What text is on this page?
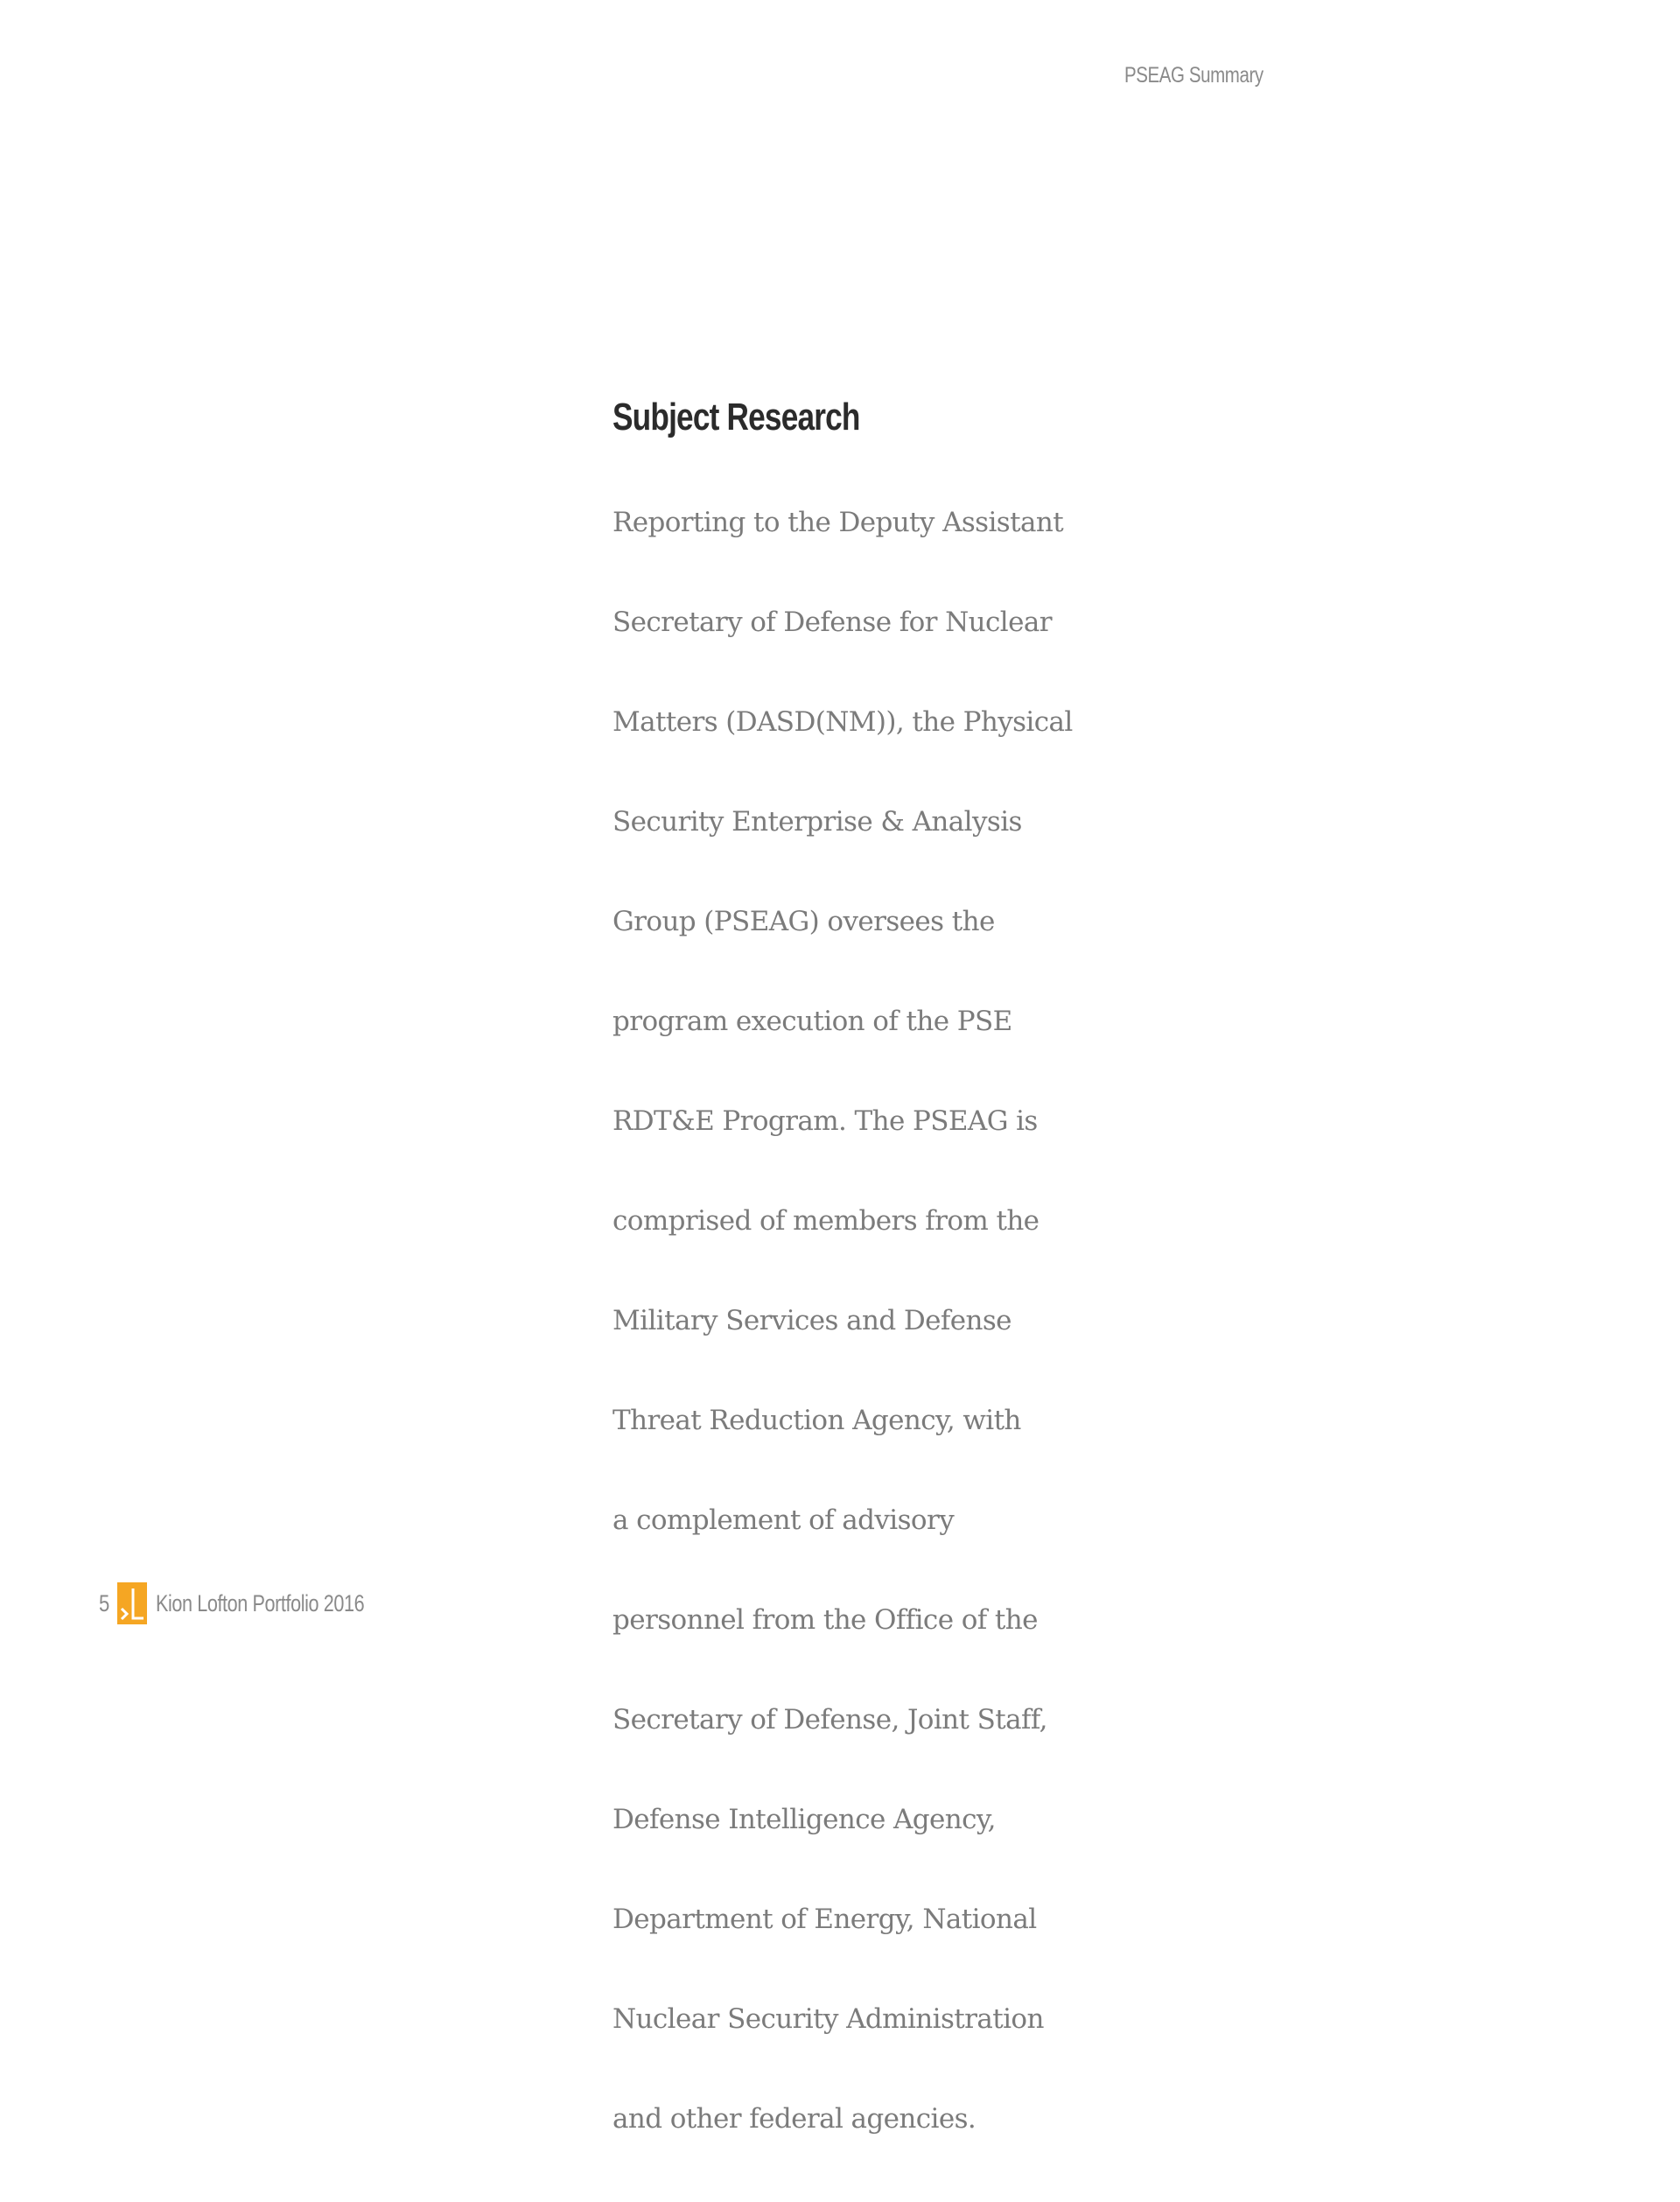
PSEAG Summary
Subject Research

Reporting to the Deputy Assistant

Secretary of Defense for Nuclear

Matters (DASD(NM)), the Physical

Security Enterprise & Analysis

Group (PSEAG) oversees the

program execution of the PSE

RDT&E Program. The PSEAG is

comprised of members from the

Military Services and Defense

Threat Reduction Agency, with

a complement of advisory

personnel from the Office of the

Secretary of Defense, Joint Staff,

Defense Intelligence Agency,

Department of Energy, National

Nuclear Security Administration

and other federal agencies.

5 Kion Lofton Portfolio 2016
